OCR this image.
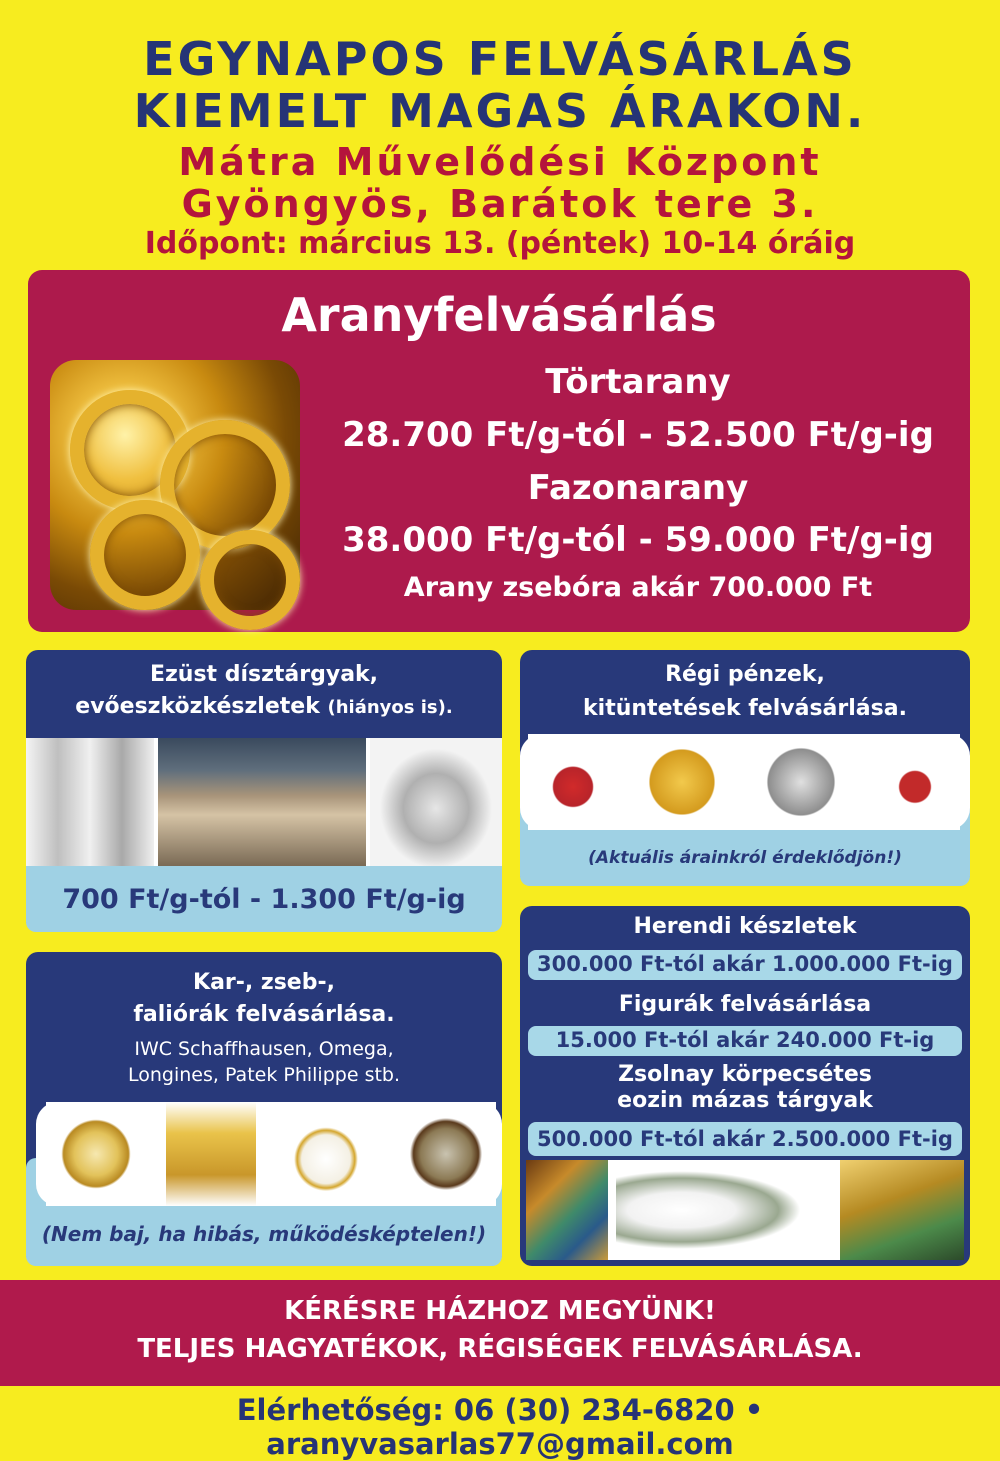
EGYNAPOS FELVÁSÁRLÁS
KIEMELT MAGAS ÁRAKON.
Mátra Művelődési Központ
Gyöngyös, Barátok tere 3.
Időpont: március 13. (péntek) 10-14 óráig
Aranyfelvásárlás
Törtarany
28.700 Ft/g-tól - 52.500 Ft/g-ig
Fazonarany
38.000 Ft/g-tól - 59.000 Ft/g-ig
Arany zsebóra akár 700.000 Ft
Ezüst dísztárgyak,
evőeszközkészletek (hiányos is).
700 Ft/g-tól - 1.300 Ft/g-ig
Régi pénzek,
kitüntetések felvásárlása.
(Aktuális árainkról érdeklődjön!)
Kar-, zseb-,
faliórák felvásárlása.
IWC Schaffhausen, Omega,
Longines, Patek Philippe stb.
(Nem baj, ha hibás, működésképtelen!)
Herendi készletek
300.000 Ft-tól akár 1.000.000 Ft-ig
Figurák felvásárlása
15.000 Ft-tól akár 240.000 Ft-ig
Zsolnay körpecsétes
eozin mázas tárgyak
500.000 Ft-tól akár 2.500.000 Ft-ig
KÉRÉSRE HÁZHOZ MEGYÜNK!
TELJES HAGYATÉKOK, RÉGISÉGEK FELVÁSÁRLÁSA.
Elérhetőség: 06 (30) 234-6820 • aranyvasarlas77@gmail.com
